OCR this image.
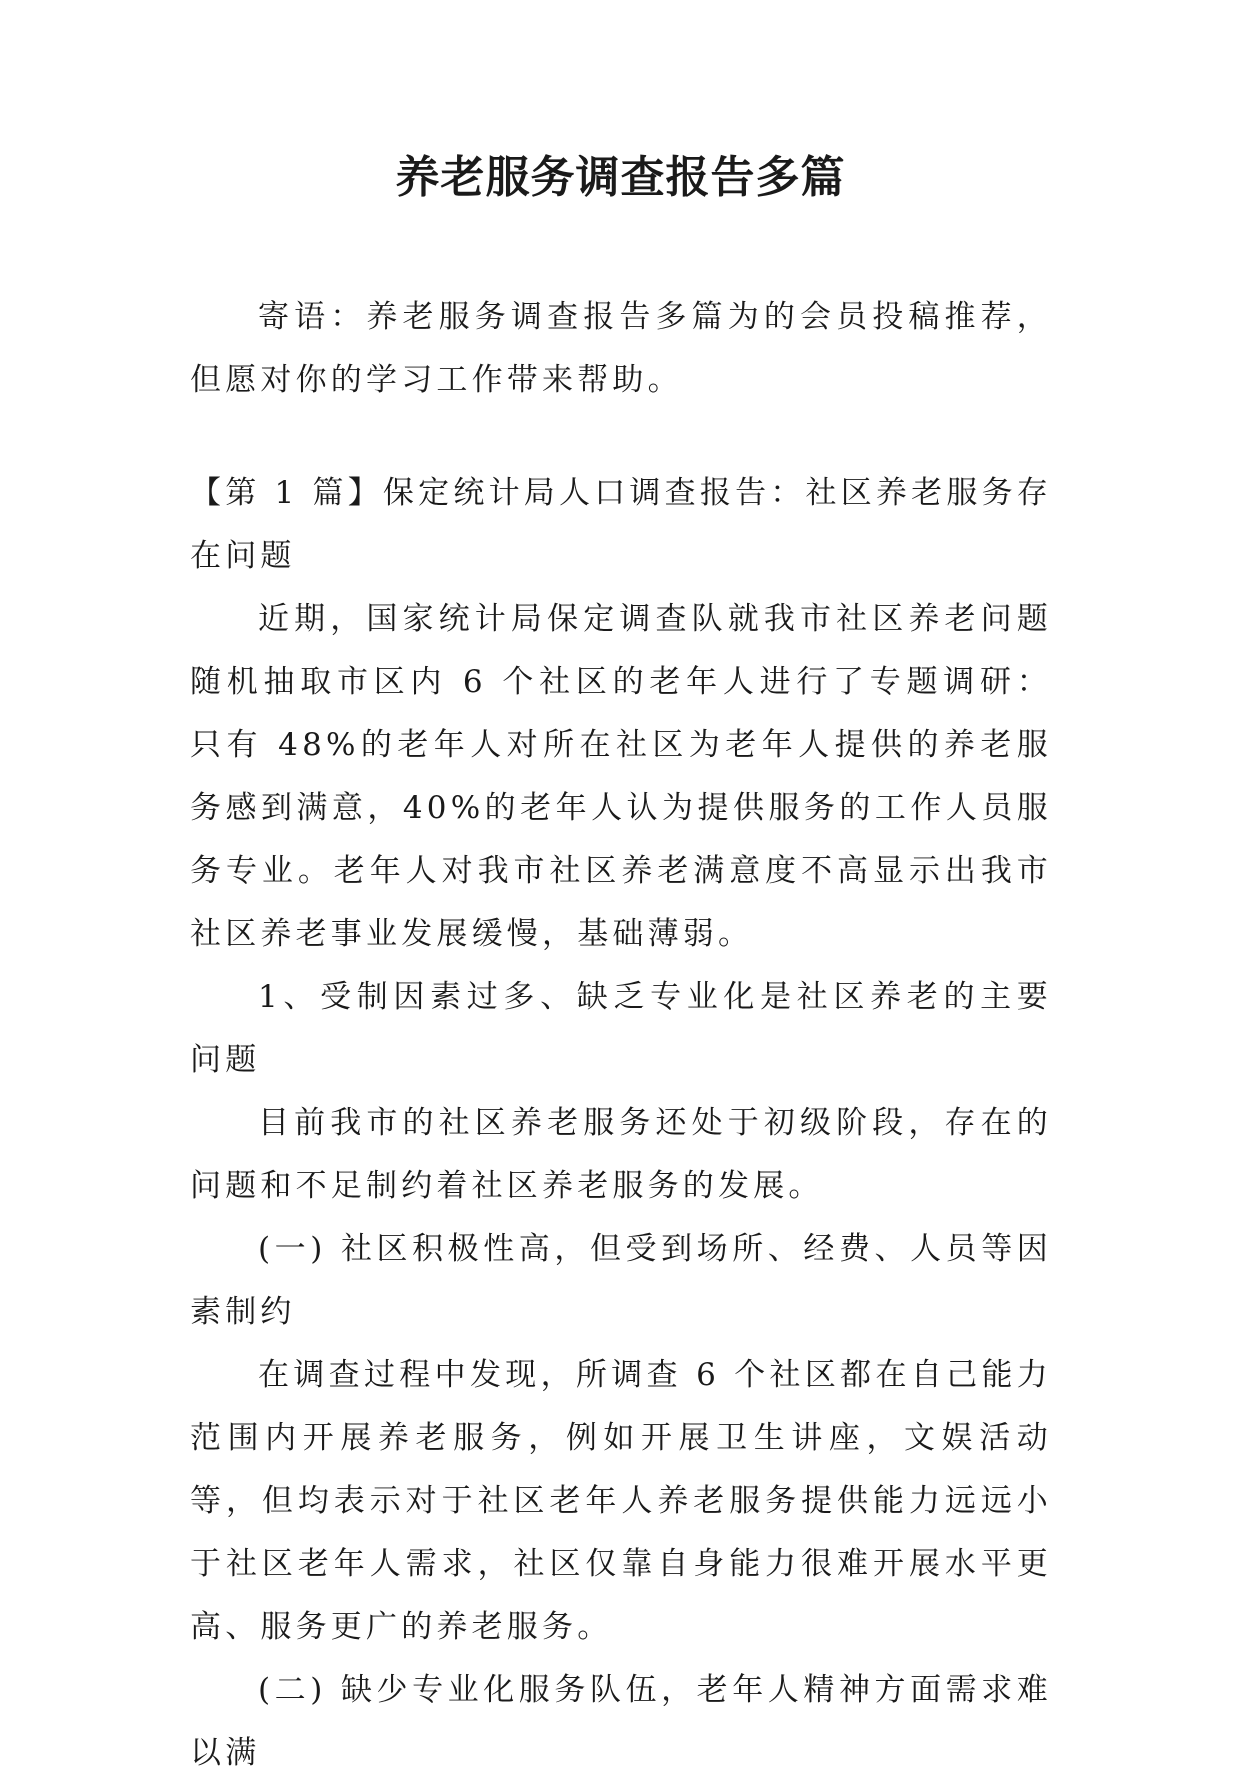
养老服务调查报告多篇

寄语：养老服务调查报告多篇为的会员投稿推荐，但愿对你的学习工作带来帮助。

【第 1 篇】保定统计局人口调查报告：社区养老服务存在问题

近期，国家统计局保定调查队就我市社区养老问题随机抽取市区内 6 个社区的老年人进行了专题调研： 只有 48%的老年人对所在社区为老年人提供的养老服务感到满意，40%的老年人认为提供服务的工作人员服务专业。老年人对我市社区养老满意度不高显示出我市社区养老事业发展缓慢，基础薄弱。

1、受制因素过多、缺乏专业化是社区养老的主要问题

目前我市的社区养老服务还处于初级阶段，存在的问题和不足制约着社区养老服务的发展。

(一) 社区积极性高，但受到场所、经费、人员等因素制约

在调查过程中发现，所调查 6 个社区都在自己能力范围内开展养老服务，例如开展卫生讲座，文娱活动等，但均表示对于社区老年人养老服务提供能力远远小于社区老年人需求，社区仅靠自身能力很难开展水平更高、服务更广的养老服务。

(二) 缺少专业化服务队伍，老年人精神方面需求难以满
